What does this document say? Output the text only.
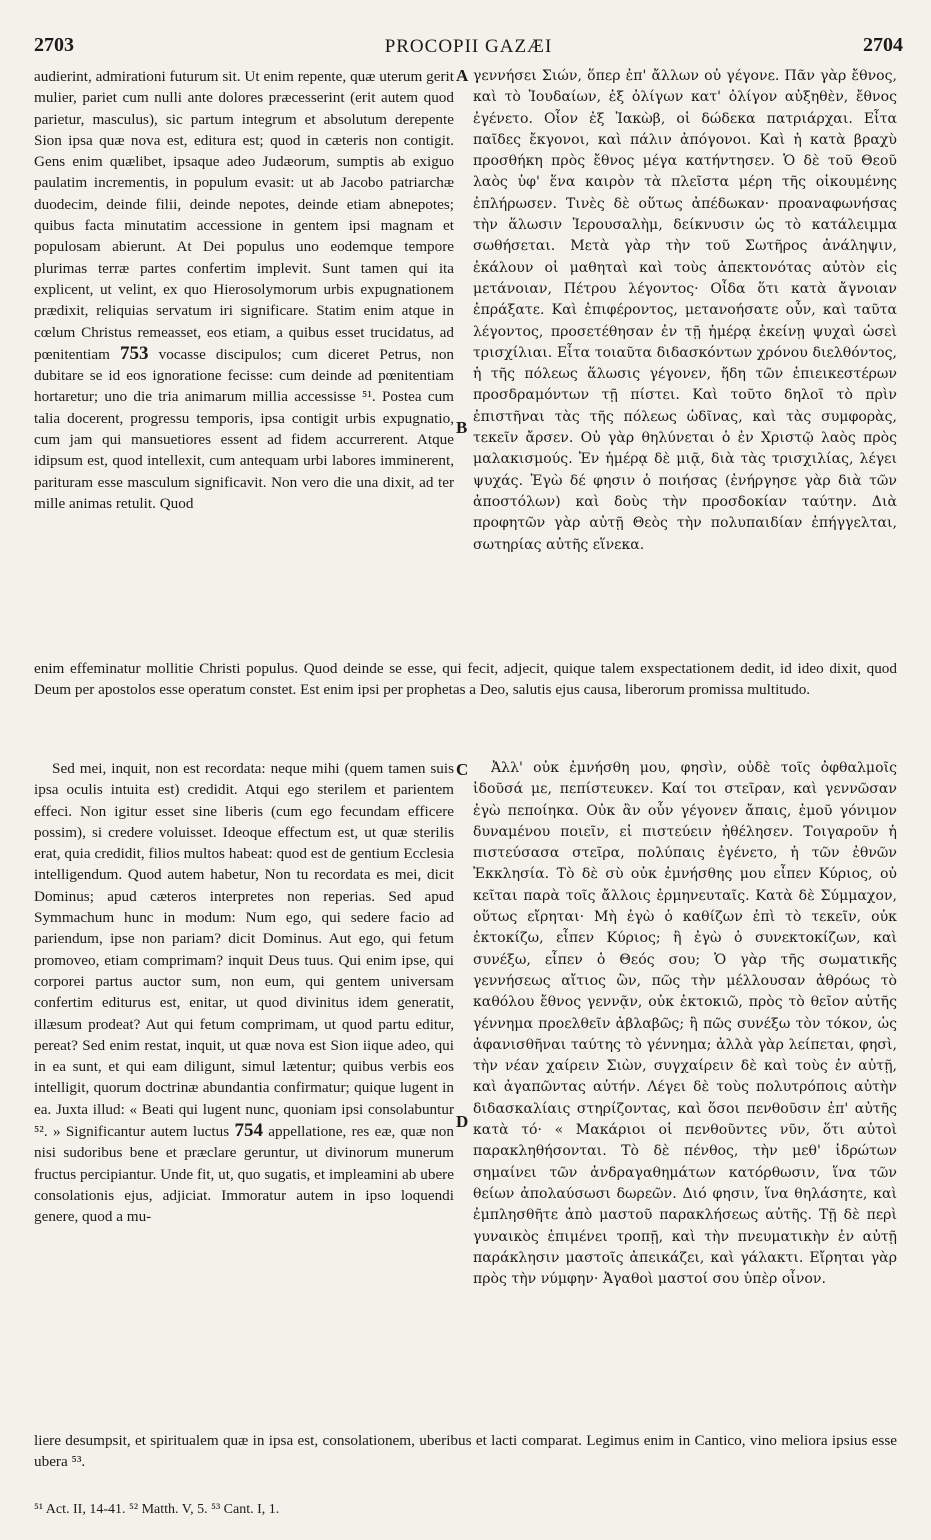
2703	PROCOPII GAZÆI	2704

audierint, admirationi futurum sit. Ut enim repente, quæ uterum gerit mulier, pariet cum nulli ante dolores præcesserint (erit autem quod parietur, masculus), sic partum integrum et absolutum derepente Sion ipsa quæ nova est, editura est; quod in cæteris non contigit. Gens enim quælibet, ipsaque adeo Judæorum, sumptis ab exiguo paulatim incrementis, in populum evasit: ut ab Jacobo patriarchæ duodecim, deinde filii, deinde nepotes, deinde etiam abnepotes; quibus facta minutatim accessione in gentem ipsi magnam et populosam abierunt. At Dei populus uno eodemque tempore plurimas terræ partes confertim implevit. Sunt tamen qui ita explicent, ut velint, ex quo Hierosolymorum urbis expugnationem prædixit, reliquias servatum iri significare. Statim enim atque in cœlum Christus remeasset, eos etiam, a quibus esset trucidatus, ad pœnitentiam 753 vocasse discipulos; cum diceret Petrus, non dubitare se id eos ignoratione fecisse: cum deinde ad pœnitentiam hortaretur; uno die tria animarum millia accessisse ⁵¹. Postea cum talia docerent, progressu temporis, ipsa contigit urbis expugnatio, cum jam qui mansuetiores essent ad fidem accurrerent. Atque idipsum est, quod intellexit, cum antequam urbi labores imminerent, parituram esse masculum significavit. Non vero die una dixit, ad ter mille animas retulit. Quod

γεννήσει Σιών, ὅπερ ἐπ' ἄλλων οὐ γέγονε. Πᾶν γὰρ ἔθνος, καὶ τὸ Ἰουδαίων, ἐξ ὀλίγων κατ' ὀλίγον αὐξηθὲν, ἔθνος ἐγένετο. Οἷον ἐξ Ἰακὼβ, οἱ δώδεκα πατριάρχαι. Εἶτα παῖδες ἔκγονοι, καὶ πάλιν ἀπόγονοι. Καὶ ἡ κατὰ βραχὺ προσθήκη πρὸς ἔθνος μέγα κατήντησεν. Ὁ δὲ τοῦ Θεοῦ λαὸς ὑφ' ἕνα καιρὸν τὰ πλεῖστα μέρη τῆς οἰκουμένης ἐπλήρωσεν. Τινὲς δὲ οὕτως ἀπέδωκαν· προαναφωνήσας τὴν ἅλωσιν Ἱερουσαλὴμ, δείκνυσιν ὡς τὸ κατάλειμμα σωθήσεται. Μετὰ γὰρ τὴν τοῦ Σωτῆρος ἀνάληψιν, ἐκάλουν οἱ μαθηταὶ καὶ τοὺς ἀπεκτονότας αὐτὸν εἰς μετάνοιαν, Πέτρου λέγοντος· Οἶδα ὅτι κατὰ ἄγνοιαν ἐπράξατε. Καὶ ἐπιφέροντος, μετανοήσατε οὖν, καὶ ταῦτα λέγοντος, προσετέθησαν ἐν τῇ ἡμέρᾳ ἐκείνῃ ψυχαὶ ὡσεὶ τρισχίλιαι. Εἶτα τοιαῦτα διδασκόντων χρόνου διελθόντος, ἡ τῆς πόλεως ἅλωσις γέγονεν, ἤδη τῶν ἐπιεικεστέρων προσδραμόντων τῇ πίστει. Καὶ τοῦτο δηλοῖ τὸ πρὶν ἐπιστῆναι τὰς τῆς πόλεως ὠδῖνας, καὶ τὰς συμφορὰς, τεκεῖν ἄρσεν. Οὐ γὰρ θηλύνεται ὁ ἐν Χριστῷ λαὸς πρὸς μαλακισμούς. Ἐν ἡμέρᾳ δὲ μιᾷ, διὰ τὰς τρισχιλίας, λέγει ψυχάς. Ἐγὼ δέ φησιν ὁ ποιήσας (ἐνήργησε γὰρ διὰ τῶν ἀποστόλων) καὶ δοὺς τὴν προσδοκίαν ταύτην. Διὰ προφητῶν γὰρ αὐτῇ Θεὸς τὴν πολυπαιδίαν ἐπήγγελται, σωτηρίας αὐτῆς εἵνεκα.

enim effeminatur mollitie Christi populus. Quod deinde se esse, qui fecit, adjecit, quique talem exspectationem dedit, id ideo dixit, quod Deum per apostolos esse operatum constet. Est enim ipsi per prophetas a Deo, salutis ejus causa, liberorum promissa multitudo.

Sed mei, inquit, non est recordata: neque mihi (quem tamen suis ipsa oculis intuita est) credidit. Atqui ego sterilem et parientem effeci. Non igitur esset sine liberis (cum ego fecundam efficere possim), si credere voluisset. Ideoque effectum est, ut quæ sterilis erat, quia credidit, filios multos habeat: quod est de gentium Ecclesia intelligendum. Quod autem habetur, Non tu recordata es mei, dicit Dominus; apud cæteros interpretes non reperias. Sed apud Symmachum hunc in modum: Num ego, qui sedere facio ad pariendum, ipse non pariam? dicit Dominus. Aut ego, qui fetum promoveo, etiam comprimam? inquit Deus tuus. Qui enim ipse, qui corporei partus auctor sum, non eum, qui gentem universam confertim editurus est, enitar, ut quod divinitus idem generatit, illæsum prodeat? Aut qui fetum comprimam, ut quod partu editur, pereat? Sed enim restat, inquit, ut quæ nova est Sion iique adeo, qui in ea sunt, et qui eam diligunt, simul lætentur; quibus verbis eos intelligit, quorum doctrinæ abundantia confirmatur; quique lugent in ea. Juxta illud: « Beati qui lugent nunc, quoniam ipsi consolabuntur ⁵². » Significantur autem luctus 754 appellatione, res eæ, quæ non nisi sudoribus bene et præclare geruntur, ut divinorum munerum fructus percipiantur. Unde fit, ut, quo sugatis, et impleamini ab ubere consolationis ejus, adjiciat. Immoratur autem in ipso loquendi genere, quod a mu-

Ἀλλ' οὐκ ἐμνήσθη μου, φησὶν, οὐδὲ τοῖς ὀφθαλμοῖς ἰδοῦσά με, πεπίστευκεν. Καί τοι στεῖραν, καὶ γεννῶσαν ἐγὼ πεποίηκα. Οὐκ ἂν οὖν γέγονεν ἄπαις, ἐμοῦ γόνιμον δυναμένου ποιεῖν, εἰ πιστεύειν ἠθέλησεν. Τοιγαροῦν ἡ πιστεύσασα στεῖρα, πολύπαις ἐγένετο, ἡ τῶν ἐθνῶν Ἐκκλησία. Τὸ δὲ σὺ οὐκ ἐμνήσθης μου εἶπεν Κύριος, οὐ κεῖται παρὰ τοῖς ἄλλοις ἑρμηνευταῖς. Κατὰ δὲ Σύμμαχον, οὕτως εἴρηται· Μὴ ἐγὼ ὁ καθίζων ἐπὶ τὸ τεκεῖν, οὐκ ἐκτοκίζω, εἶπεν Κύριος; ἢ ἐγὼ ὁ συνεκτοκίζων, καὶ συνέξω, εἶπεν ὁ Θεός σου; Ὁ γὰρ τῆς σωματικῆς γεννήσεως αἴτιος ὢν, πῶς τὴν μέλλουσαν ἀθρόως τὸ καθόλου ἔθνος γεννᾷν, οὐκ ἐκτοκιῶ, πρὸς τὸ θεῖον αὐτῆς γέννημα προελθεῖν ἀβλαβῶς; ἢ πῶς συνέξω τὸν τόκον, ὡς ἀφανισθῆναι ταύτης τὸ γέννημα; ἀλλὰ γὰρ λείπεται, φησὶ, τὴν νέαν χαίρειν Σιὼν, συγχαίρειν δὲ καὶ τοὺς ἐν αὐτῇ, καὶ ἀγαπῶντας αὐτήν. Λέγει δὲ τοὺς πολυτρόποις αὐτὴν διδασκαλίαις στηρίζοντας, καὶ ὅσοι πενθοῦσιν ἐπ' αὐτῆς κατὰ τό· « Μακάριοι οἱ πενθοῦντες νῦν, ὅτι αὐτοὶ παρακληθήσονται. Τὸ δὲ πένθος, τὴν μεθ' ἱδρώτων σημαίνει τῶν ἀνδραγαθημάτων κατόρθωσιν, ἵνα τῶν θείων ἀπολαύσωσι δωρεῶν. Διό φησιν, ἵνα θηλάσητε, καὶ ἐμπλησθῆτε ἀπὸ μαστοῦ παρακλήσεως αὐτῆς. Τῇ δὲ περὶ γυναικὸς ἐπιμένει τροπῇ, καὶ τὴν πνευματικὴν ἐν αὐτῇ παράκλησιν μαστοῖς ἀπεικάζει, καὶ γάλακτι. Εἴρηται γὰρ πρὸς τὴν νύμφην· Ἀγαθοὶ μαστοί σου ὑπὲρ οἶνον.

liere desumpsit, et spiritualem quæ in ipsa est, consolationem, uberibus et lacti comparat. Legimus enim in Cantico, vino meliora ipsius esse ubera ⁵³.

A
B
C
D
⁵¹ Act. II, 14-41. ⁵² Matth. V, 5. ⁵³ Cant. I, 1.
